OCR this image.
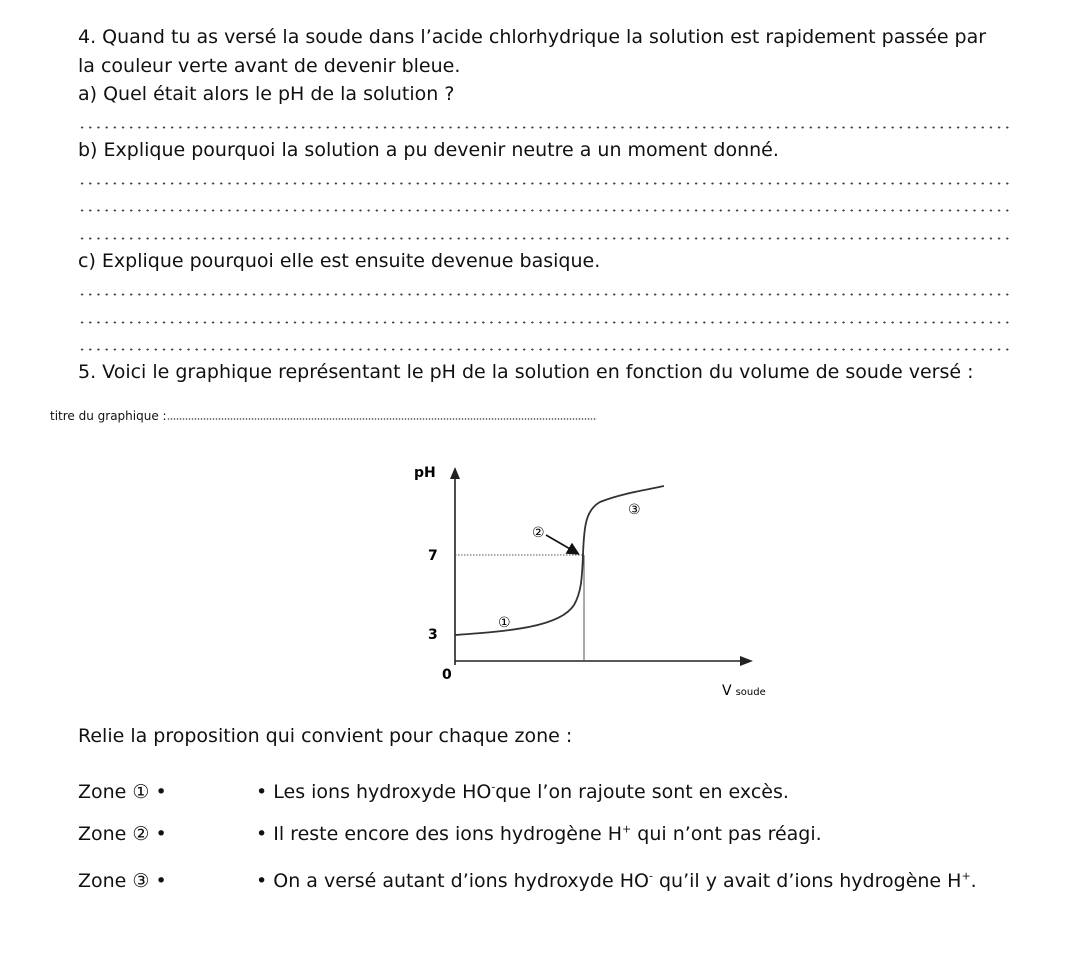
4. Quand tu as versé la soude dans l’acide chlorhydrique la solution est rapidement passée par
la couleur verte avant de devenir bleue.
a) Quel était alors le pH de la solution ?
b) Explique pourquoi la solution a pu devenir neutre a un moment donné.
c) Explique pourquoi elle est ensuite devenue basique.
5. Voici le graphique représentant le pH de la solution en fonction du volume de soude versé :
titre du graphique :
pH
7
3
0
V soude
①
②
③
Relie la proposition qui convient pour chaque zone :
Zone ① •
Zone ② •
Zone ③ •
• Les ions hydroxyde HO-que l’on rajoute sont en excès.
• Il reste encore des ions hydrogène H+ qui n’ont pas réagi.
• On a versé autant d’ions hydroxyde HO- qu’il y avait d’ions hydrogène H+.
